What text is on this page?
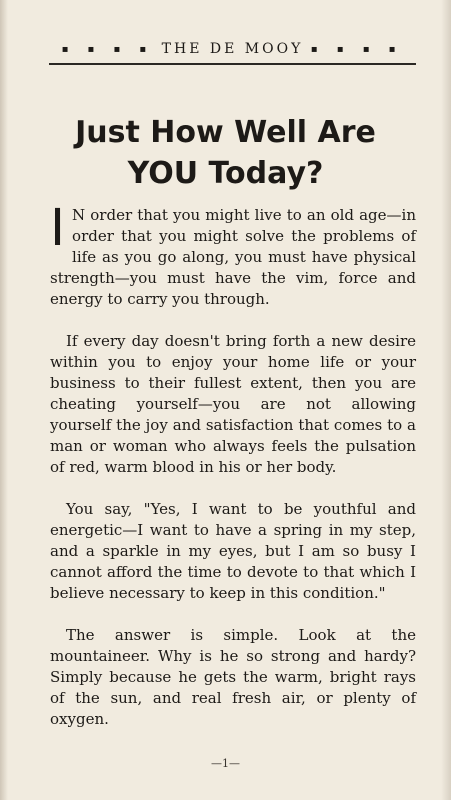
▪ ▪ ▪ ▪ THE DE MOOY ▪ ▪ ▪ ▪
Just How Well Are
YOU Today?

I N order that you might live to an old age—in order that you might solve the problems of life as you go along, you must have physical strength—you must have the vim, force and energy to carry you through.

If every day doesn't bring forth a new desire within you to enjoy your home life or your business to their fullest extent, then you are cheating yourself—you are not allowing yourself the joy and satisfaction that comes to a man or woman who always feels the pulsation of red, warm blood in his or her body.

You say, "Yes, I want to be youthful and energetic—I want to have a spring in my step, and a sparkle in my eyes, but I am so busy I cannot afford the time to devote to that which I believe necessary to keep in this condition."

The answer is simple. Look at the mountaineer. Why is he so strong and hardy? Simply because he gets the warm, bright rays of the sun, and real fresh air, or plenty of oxygen.

—1—
